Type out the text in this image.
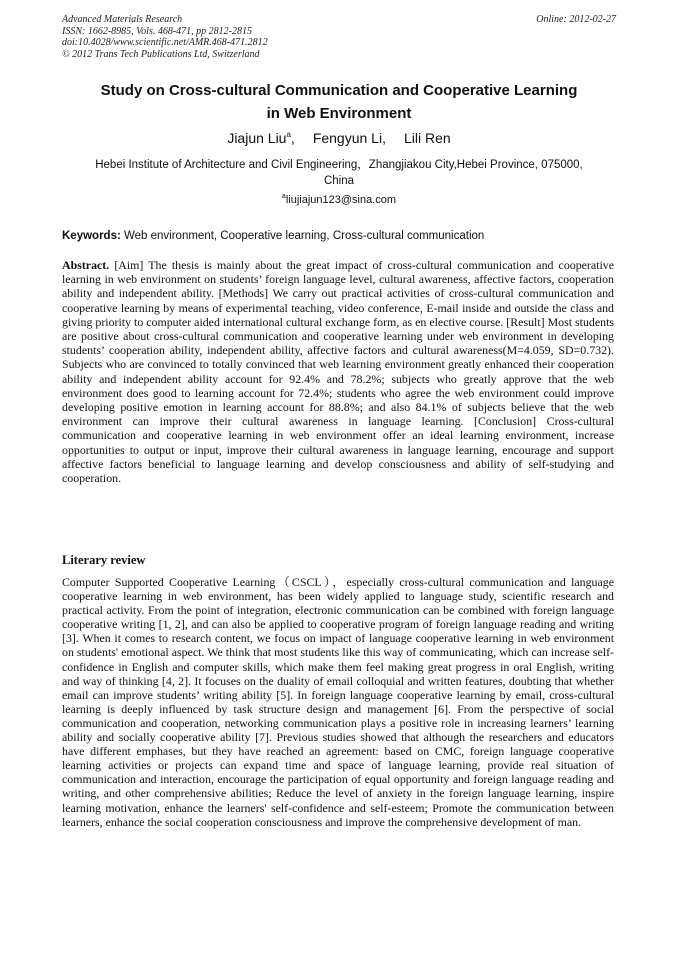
Advanced Materials Research
ISSN: 1662-8985, Vols. 468-471, pp 2812-2815
doi:10.4028/www.scientific.net/AMR.468-471.2812
© 2012 Trans Tech Publications Ltd, Switzerland
Online: 2012-02-27
Study on Cross-cultural Communication and Cooperative Learning
in Web Environment
Jiajun Liu$^a$, Fengyun Li, Lili Ren
Hebei Institute of Architecture and Civil Engineering，Zhangjiakou City,Hebei Province, 075000,
China
$^a$liujiajun123@sina.com
Keywords: Web environment, Cooperative learning, Cross-cultural communication
Abstract. [Aim] The thesis is mainly about the great impact of cross-cultural communication and cooperative learning in web environment on students’ foreign language level, cultural awareness, affective factors, cooperation ability and independent ability. [Methods] We carry out practical activities of cross-cultural communication and cooperative learning by means of experimental teaching, video conference, E-mail inside and outside the class and giving priority to computer aided international cultural exchange form, as en elective course. [Result] Most students are positive about cross-cultural communication and cooperative learning under web environment in developing students’ cooperation ability, independent ability, affective factors and cultural awareness(M=4.059, SD=0.732). Subjects who are convinced to totally convinced that web learning environment greatly enhanced their cooperation ability and independent ability account for 92.4% and 78.2%; subjects who greatly approve that the web environment does good to learning account for 72.4%; students who agree the web environment could improve developing positive emotion in learning account for 88.8%; and also 84.1% of subjects believe that the web environment can improve their cultural awareness in language learning. [Conclusion] Cross-cultural communication and cooperative learning in web environment offer an ideal learning environment, increase opportunities to output or input, improve their cultural awareness in language learning, encourage and support affective factors beneficial to language learning and develop consciousness and ability of self-studying and cooperation.
Literary review
Computer Supported Cooperative Learning（CSCL），especially cross-cultural communication and language cooperative learning in web environment, has been widely applied to language study, scientific research and practical activity. From the point of integration, electronic communication can be combined with foreign language cooperative writing [1, 2], and can also be applied to cooperative program of foreign language reading and writing [3]. When it comes to research content, we focus on impact of language cooperative learning in web environment on students' emotional aspect. We think that most students like this way of communicating, which can increase self-confidence in English and computer skills, which make them feel making great progress in oral English, writing and way of thinking [4, 2]. It focuses on the duality of email colloquial and written features, doubting that whether email can improve students’ writing ability [5]. In foreign language cooperative learning by email, cross-cultural learning is deeply influenced by task structure design and management [6]. From the perspective of social communication and cooperation, networking communication plays a positive role in increasing learners’ learning ability and socially cooperative ability [7]. Previous studies showed that although the researchers and educators have different emphases, but they have reached an agreement: based on CMC, foreign language cooperative learning activities or projects can expand time and space of language learning, provide real situation of communication and interaction, encourage the participation of equal opportunity and foreign language reading and writing, and other comprehensive abilities; Reduce the level of anxiety in the foreign language learning, inspire learning motivation, enhance the learners' self-confidence and self-esteem; Promote the communication between learners, enhance the social cooperation consciousness and improve the comprehensive development of man.
